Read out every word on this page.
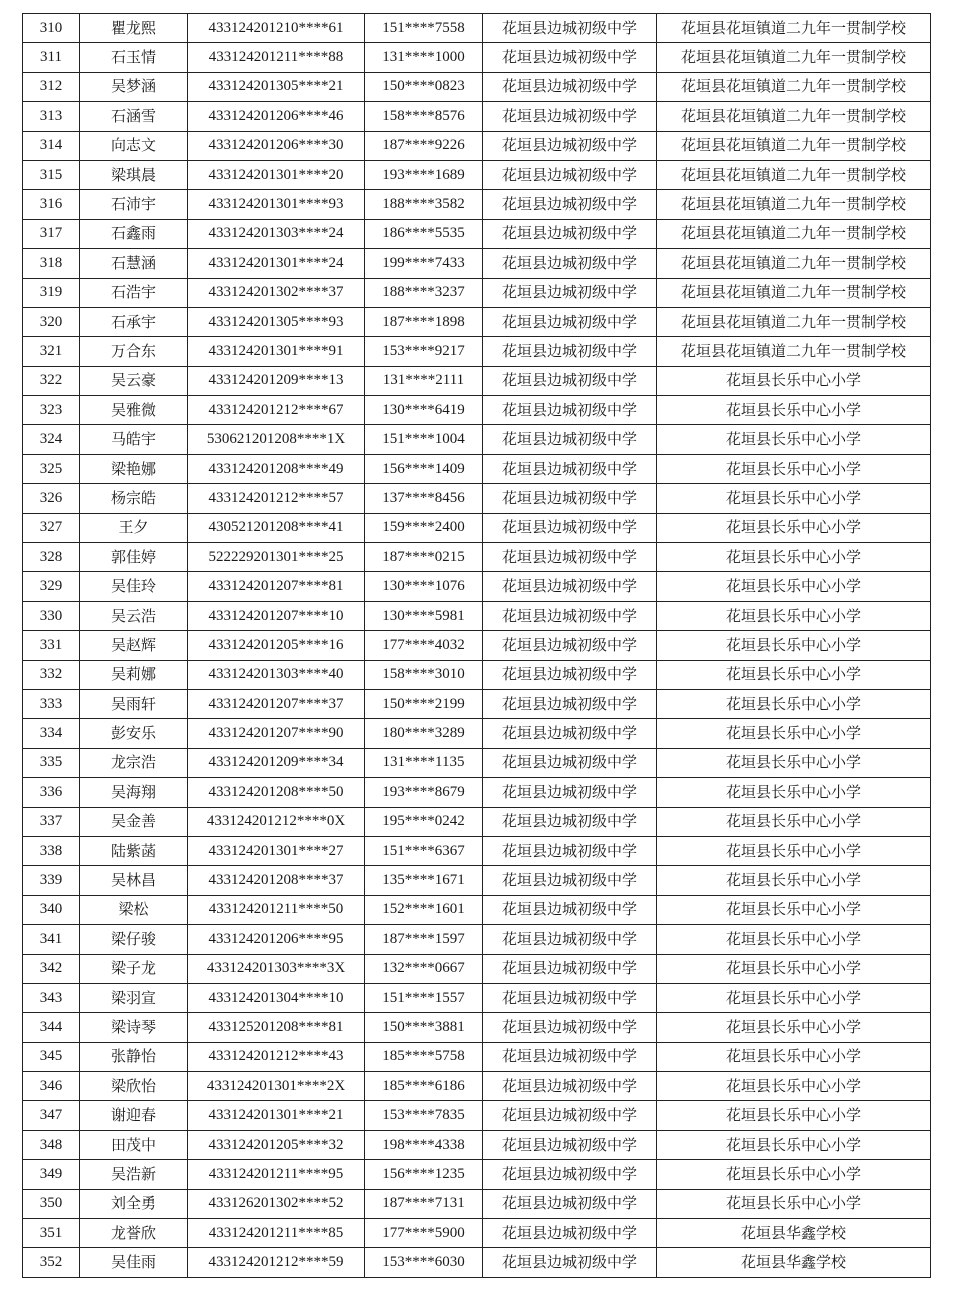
310	瞿龙熙	433124201210****61	151****7558	花垣县边城初级中学	花垣县花垣镇道二九年一贯制学校
311	石玉情	433124201211****88	131****1000	花垣县边城初级中学	花垣县花垣镇道二九年一贯制学校
312	吴梦涵	433124201305****21	150****0823	花垣县边城初级中学	花垣县花垣镇道二九年一贯制学校
313	石涵雪	433124201206****46	158****8576	花垣县边城初级中学	花垣县花垣镇道二九年一贯制学校
314	向志文	433124201206****30	187****9226	花垣县边城初级中学	花垣县花垣镇道二九年一贯制学校
315	梁琪晨	433124201301****20	193****1689	花垣县边城初级中学	花垣县花垣镇道二九年一贯制学校
316	石沛宇	433124201301****93	188****3582	花垣县边城初级中学	花垣县花垣镇道二九年一贯制学校
317	石鑫雨	433124201303****24	186****5535	花垣县边城初级中学	花垣县花垣镇道二九年一贯制学校
318	石慧涵	433124201301****24	199****7433	花垣县边城初级中学	花垣县花垣镇道二九年一贯制学校
319	石浩宇	433124201302****37	188****3237	花垣县边城初级中学	花垣县花垣镇道二九年一贯制学校
320	石承宇	433124201305****93	187****1898	花垣县边城初级中学	花垣县花垣镇道二九年一贯制学校
321	万合东	433124201301****91	153****9217	花垣县边城初级中学	花垣县花垣镇道二九年一贯制学校
322	吴云豪	433124201209****13	131****2111	花垣县边城初级中学	花垣县长乐中心小学
323	吴雅微	433124201212****67	130****6419	花垣县边城初级中学	花垣县长乐中心小学
324	马皓宇	530621201208****1X	151****1004	花垣县边城初级中学	花垣县长乐中心小学
325	梁艳娜	433124201208****49	156****1409	花垣县边城初级中学	花垣县长乐中心小学
326	杨宗皓	433124201212****57	137****8456	花垣县边城初级中学	花垣县长乐中心小学
327	王夕	430521201208****41	159****2400	花垣县边城初级中学	花垣县长乐中心小学
328	郭佳婷	522229201301****25	187****0215	花垣县边城初级中学	花垣县长乐中心小学
329	吴佳玲	433124201207****81	130****1076	花垣县边城初级中学	花垣县长乐中心小学
330	吴云浩	433124201207****10	130****5981	花垣县边城初级中学	花垣县长乐中心小学
331	吴赵辉	433124201205****16	177****4032	花垣县边城初级中学	花垣县长乐中心小学
332	吴莉娜	433124201303****40	158****3010	花垣县边城初级中学	花垣县长乐中心小学
333	吴雨轩	433124201207****37	150****2199	花垣县边城初级中学	花垣县长乐中心小学
334	彭安乐	433124201207****90	180****3289	花垣县边城初级中学	花垣县长乐中心小学
335	龙宗浩	433124201209****34	131****1135	花垣县边城初级中学	花垣县长乐中心小学
336	吴海翔	433124201208****50	193****8679	花垣县边城初级中学	花垣县长乐中心小学
337	吴金善	433124201212****0X	195****0242	花垣县边城初级中学	花垣县长乐中心小学
338	陆紫菡	433124201301****27	151****6367	花垣县边城初级中学	花垣县长乐中心小学
339	吴林昌	433124201208****37	135****1671	花垣县边城初级中学	花垣县长乐中心小学
340	梁松	433124201211****50	152****1601	花垣县边城初级中学	花垣县长乐中心小学
341	梁仔骏	433124201206****95	187****1597	花垣县边城初级中学	花垣县长乐中心小学
342	梁子龙	433124201303****3X	132****0667	花垣县边城初级中学	花垣县长乐中心小学
343	梁羽宣	433124201304****10	151****1557	花垣县边城初级中学	花垣县长乐中心小学
344	梁诗琴	433125201208****81	150****3881	花垣县边城初级中学	花垣县长乐中心小学
345	张静怡	433124201212****43	185****5758	花垣县边城初级中学	花垣县长乐中心小学
346	梁欣怡	433124201301****2X	185****6186	花垣县边城初级中学	花垣县长乐中心小学
347	谢迎春	433124201301****21	153****7835	花垣县边城初级中学	花垣县长乐中心小学
348	田茂中	433124201205****32	198****4338	花垣县边城初级中学	花垣县长乐中心小学
349	吴浩新	433124201211****95	156****1235	花垣县边城初级中学	花垣县长乐中心小学
350	刘全勇	433126201302****52	187****7131	花垣县边城初级中学	花垣县长乐中心小学
351	龙誉欣	433124201211****85	177****5900	花垣县边城初级中学	花垣县华鑫学校
352	吴佳雨	433124201212****59	153****6030	花垣县边城初级中学	花垣县华鑫学校
